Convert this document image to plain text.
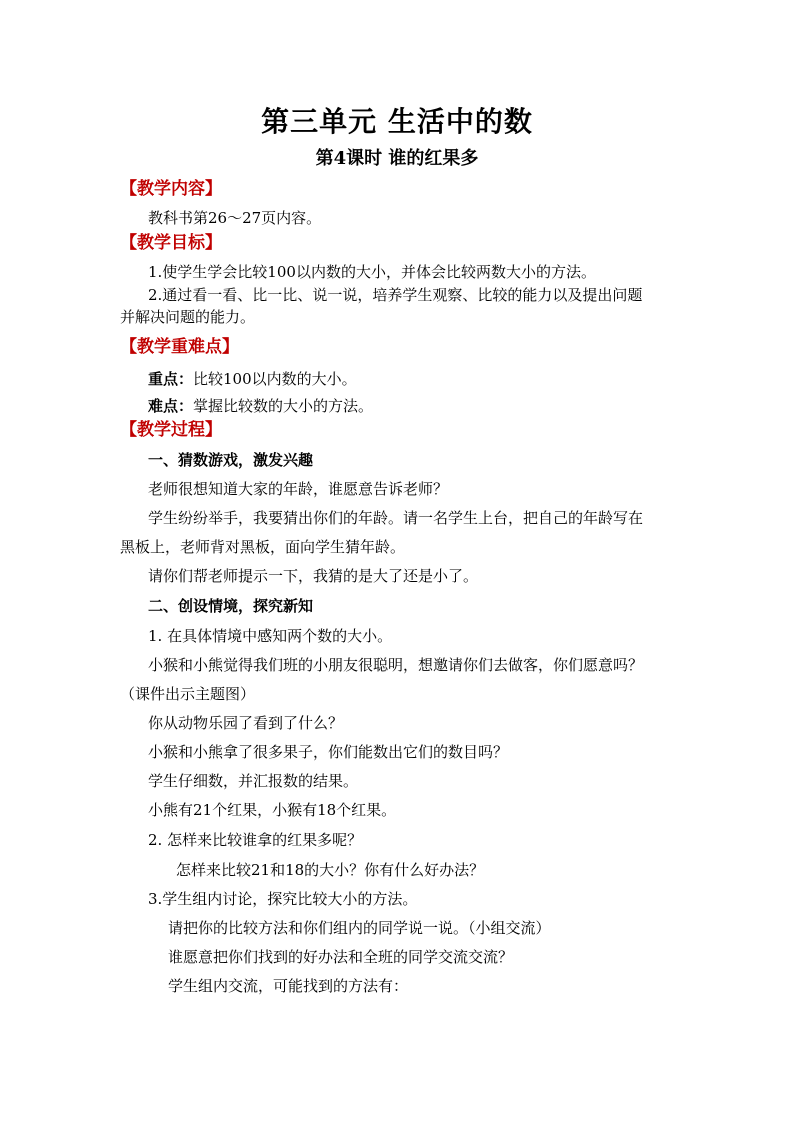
第三单元 生活中的数
第4课时 谁的红果多
【教学内容】
教科书第26～27页内容。
【教学目标】
1.使学生学会比较100以内数的大小，并体会比较两数大小的方法。
2.通过看一看、比一比、说一说，培养学生观察、比较的能力以及提出问题
并解决问题的能力。
【教学重难点】
重点：比较100以内数的大小。
难点：掌握比较数的大小的方法。
【教学过程】
一、猜数游戏，激发兴趣
老师很想知道大家的年龄，谁愿意告诉老师？
学生纷纷举手，我要猜出你们的年龄。请一名学生上台，把自己的年龄写在
黑板上，老师背对黑板，面向学生猜年龄。
请你们帮老师提示一下，我猜的是大了还是小了。
二、创设情境，探究新知
1. 在具体情境中感知两个数的大小。
小猴和小熊觉得我们班的小朋友很聪明，想邀请你们去做客，你们愿意吗？
（课件出示主题图）
你从动物乐园了看到了什么？
小猴和小熊拿了很多果子，你们能数出它们的数目吗？
学生仔细数，并汇报数的结果。
小熊有21个红果，小猴有18个红果。
2. 怎样来比较谁拿的红果多呢？
怎样来比较21和18的大小？你有什么好办法？
3.学生组内讨论，探究比较大小的方法。
请把你的比较方法和你们组内的同学说一说。（小组交流）
谁愿意把你们找到的好办法和全班的同学交流交流？
学生组内交流，可能找到的方法有：
